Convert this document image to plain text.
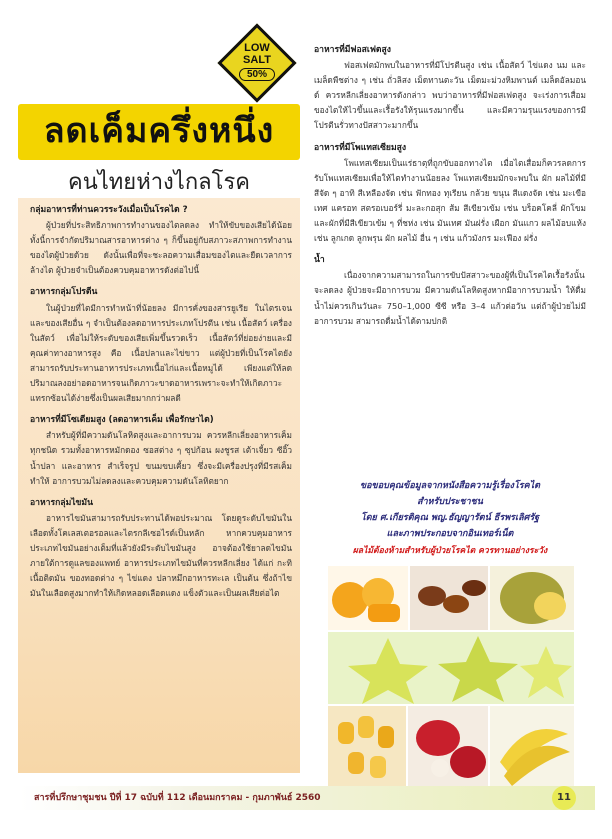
LOW
SALT
50%
ลดเค็มครึ่งหนึ่ง
คนไทยห่างไกลโรค
กลุ่มอาหารที่ท่านควรระวังเมื่อเป็นโรคไต ?

ผู้ป่วยที่ประสิทธิภาพการทำงานของไตลดลง ทำให้ขับของเสียได้น้อย ทั้งนี้การจำกัดปริมาณสารอาหารต่าง ๆ ก็ขึ้นอยู่กับสภาวะสภาพการทำงานของไตผู้ป่วยด้วย ดังนั้นเพื่อที่จะชะลอความเสื่อมของไตและยืดเวลาการล้างไต ผู้ป่วยจำเป็นต้องควบคุมอาหารดังต่อไปนี้

อาหารกลุ่มโปรตีน

ในผู้ป่วยที่ไตมีการทำหน้าที่น้อยลง มีการคั่งของสารยูเรีย ในไตรเจนและของเสียอื่น ๆ จำเป็นต้องลดอาหารประเภทโปรตีน เช่น เนื้อสัตว์ เครื่องในสัตว์ เพื่อไม่ให้ระดับของเสียเพิ่มขึ้นรวดเร็ว เนื้อสัตว์ที่ย่อยง่ายและมีคุณค่าทางอาหารสูง คือ เนื้อปลาและไข่ขาว แต่ผู้ป่วยที่เป็นโรคไตยังสามารถรับประทานอาหารประเภทเนื้อไก่และเนื้อหมูได้ เพียงแต่ให้ลดปริมาณลงอย่าอดอาหารจนเกิดภาวะขาดอาหารเพราะจะทำให้เกิดภาวะแทรกซ้อนได้ง่ายซึ่งเป็นผลเสียมากกว่าผลดี

อาหารที่มีโซเดียมสูง (ลดอาหารเค็ม เพื่อรักษาไต)

สำหรับผู้ที่มีความดันโลหิตสูงและอาการบวม ควรหลีกเลี่ยงอาหารเค็มทุกชนิด รวมทั้งอาหารหมักดอง ซอสต่าง ๆ ซุปก้อน ผงชูรส เต้าเจี้ยว ซีอิ๊ว น้ำปลา และอาหาร สำเร็จรูป ขนมขบเคี้ยว ซึ่งจะมีเครื่องปรุงที่มีรสเค็มทำให้ อาการบวมไม่ลดลงและควบคุมความดันโลหิตยาก

อาหารกลุ่มไขมัน

อาหารไขมันสามารถรับประทานได้พอประมาณ โดยดูระดับไขมันในเลือดทั้งโคเลสเตอรอลและไตรกลีเซอไรด์เป็นหลัก หากควบคุมอาหารประเภทไขมันอย่างเต็มที่แล้วยังมีระดับไขมันสูง อาจต้องใช้ยาลดไขมันภายใต้การดูแลของแพทย์ อาหารประเภทไขมันที่ควรหลีกเลี่ยง ได้แก่ กะทิ เนื้อติดมัน ของทอดต่าง ๆ ไข่แดง ปลาหมึกอาหารทะเล เป็นต้น ซึ่งถ้าไขมันในเลือดสูงมากทำให้เกิดหลอดเลือดแดง แข็งตัวและเป็นผลเสียต่อไต

อาหารที่มีฟอสเฟตสูง

ฟอสเฟตมักพบในอาหารที่มีโปรตีนสูง เช่น เนื้อสัตว์ ไข่แดง นม และเมล็ดพืชต่าง ๆ เช่น ถั่วลิสง เม็ดทานตะวัน เม็ดมะม่วงหิมพานต์ เมล็ดอัลมอนด์ ควรหลีกเลี่ยงอาหารดังกล่าว พบว่าอาหารที่มีฟอสเฟตสูง จะเร่งการเสื่อมของไตให้ไวขึ้นและเรื้อรังให้รุนแรงมากขึ้น และมีความรุนแรงของการมีโปรตีนรั่วทางปัสสาวะมากขึ้น

อาหารที่มีโพแทสเซียมสูง

โพแทสเซียมเป็นแร่ธาตุที่ถูกขับออกทางไต เมื่อไตเสื่อมก็ควรลดการรับโพแทสเซียมเพื่อให้ไตทำงานน้อยลง โพแทสเซียมมักจะพบใน ผัก ผลไม้ที่มีสีจัด ๆ อาทิ สีเหลืองจัด เช่น ฟักทอง ทุเรียน กล้วย ขนุน สีแดงจัด เช่น มะเขือเทศ แครอท สตรอเบอร์รี่ มะละกอสุก ส้ม สีเขียวเข้ม เช่น บร็อคโคลี่ ผักโขม และผักที่มีสีเขียวเข้ม ๆ ที่ชห่ง เช่น มันเทศ มันฝรั่ง เผือก มันแกว ผลไม้อบแห้ง เช่น ลูกเกด ลูกพรุน ผัก ผลไม้ อื่น ๆ เช่น แก้วมังกร มะเฟือง ฝรั่ง

น้ำ

เนื่องจากความสามารถในการขับปัสสาวะของผู้ที่เป็นโรคไตเรื้อรังนั้นจะลดลง ผู้ป่วยจะมีอาการบวม มีความดันโลหิตสูงหากมีอาการบวมน้ำ ให้ดื่มน้ำไม่ควรเกินวันละ 750–1,000 ซีซี หรือ 3–4 แก้วต่อวัน แต่ถ้าผู้ป่วยไม่มีอาการบวม สามารถดื่มน้ำได้ตามปกติ

ขอขอบคุณข้อมูลจากหนังสือความรู้เรื่องโรคไต
สำหรับประชาชน
โดย ศ.เกียรติคุณ พญ.ธัญญารัตน์ ธีรพรเลิศรัฐ
และภาพประกอบจากอินเทอร์เน็ต
ผลไม้ต้องห้ามสำหรับผู้ป่วยโรคไต ควรทานอย่างระวัง
สารที่ปรึกษาชุมชน ปีที่ 17 ฉบับที่ 112 เดือนมกราคม - กุมภาพันธ์ 2560	11
